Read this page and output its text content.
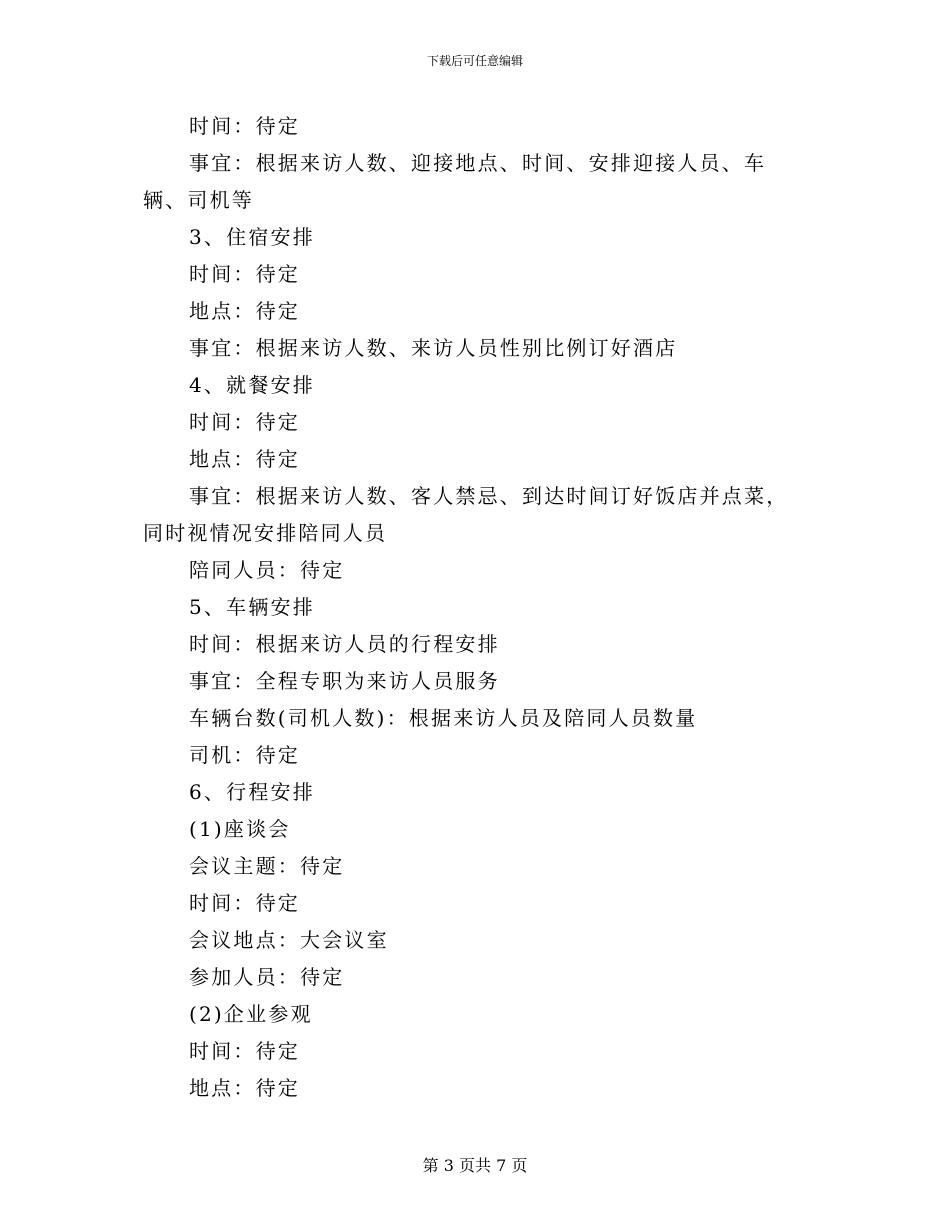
下载后可任意编辑

时间：待定

事宜：根据来访人数、迎接地点、时间、安排迎接人员、车辆、司机等

3、住宿安排

时间：待定

地点：待定

事宜：根据来访人数、来访人员性别比例订好酒店

4、就餐安排

时间：待定

地点：待定

事宜：根据来访人数、客人禁忌、到达时间订好饭店并点菜，同时视情况安排陪同人员

陪同人员：待定

5、车辆安排

时间：根据来访人员的行程安排

事宜：全程专职为来访人员服务

车辆台数(司机人数)：根据来访人员及陪同人员数量

司机：待定

6、行程安排

(1)座谈会

会议主题：待定

时间：待定

会议地点：大会议室

参加人员：待定

(2)企业参观

时间：待定

地点：待定

第 3 页共 7 页
